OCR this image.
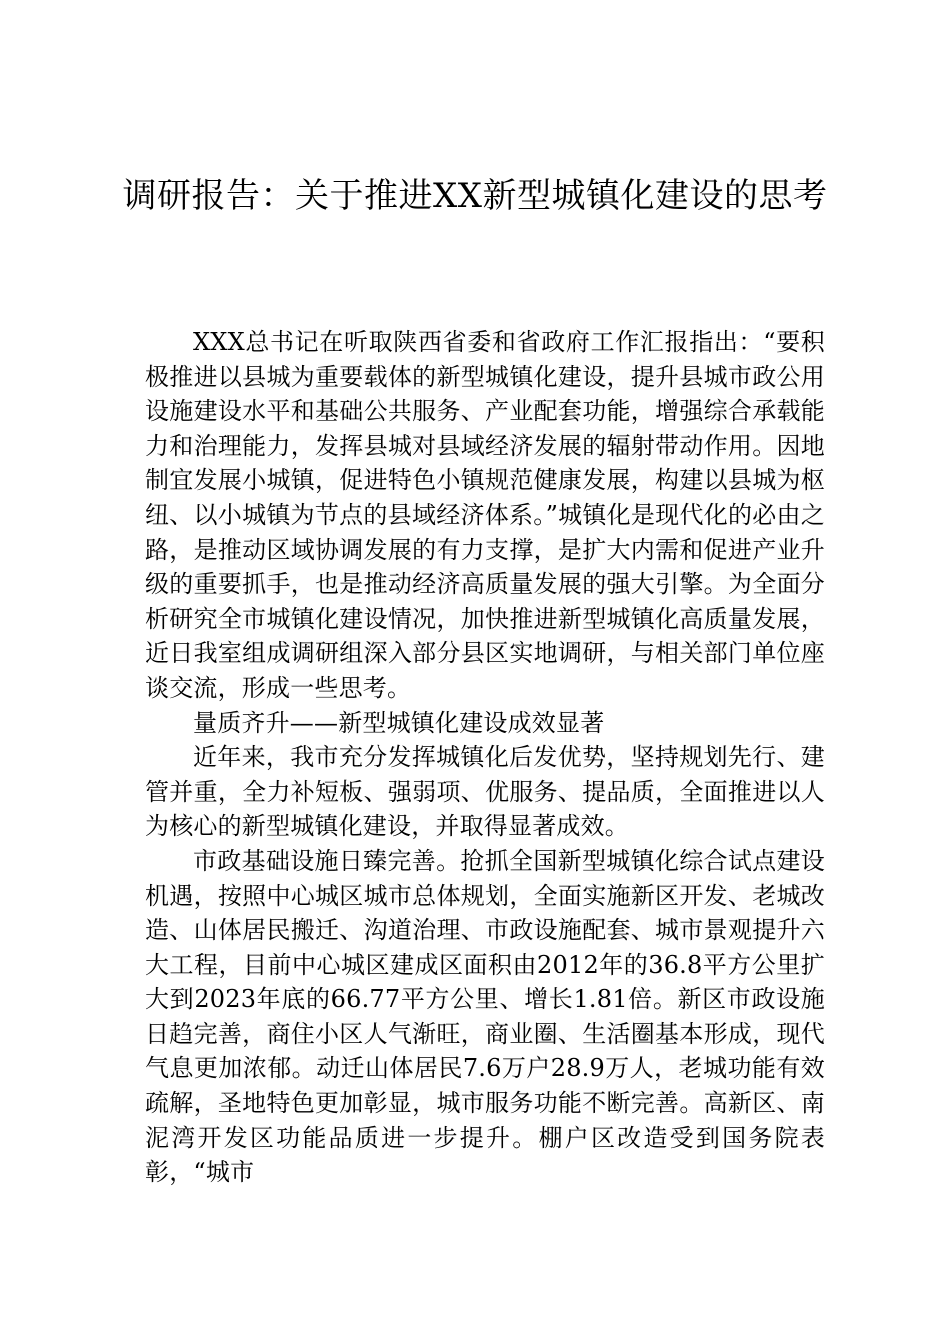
调研报告：关于推进XX新型城镇化建设的思考

XXX总书记在听取陕西省委和省政府工作汇报指出：“要积极推进以县城为重要载体的新型城镇化建设，提升县城市政公用设施建设水平和基础公共服务、产业配套功能，增强综合承载能力和治理能力，发挥县城对县域经济发展的辐射带动作用。因地制宜发展小城镇，促进特色小镇规范健康发展，构建以县城为枢纽、以小城镇为节点的县域经济体系。”城镇化是现代化的必由之路，是推动区域协调发展的有力支撑，是扩大内需和促进产业升级的重要抓手，也是推动经济高质量发展的强大引擎。为全面分析研究全市城镇化建设情况，加快推进新型城镇化高质量发展，近日我室组成调研组深入部分县区实地调研，与相关部门单位座谈交流，形成一些思考。

量质齐升——新型城镇化建设成效显著

近年来，我市充分发挥城镇化后发优势，坚持规划先行、建管并重，全力补短板、强弱项、优服务、提品质，全面推进以人为核心的新型城镇化建设，并取得显著成效。

市政基础设施日臻完善。抢抓全国新型城镇化综合试点建设机遇，按照中心城区城市总体规划，全面实施新区开发、老城改造、山体居民搬迁、沟道治理、市政设施配套、城市景观提升六大工程，目前中心城区建成区面积由2012年的36.8平方公里扩大到2023年底的66.77平方公里、增长1.81倍。新区市政设施日趋完善，商住小区人气渐旺，商业圈、生活圈基本形成，现代气息更加浓郁。动迁山体居民7.6万户28.9万人，老城功能有效疏解，圣地特色更加彰显，城市服务功能不断完善。高新区、南泥湾开发区功能品质进一步提升。棚户区改造受到国务院表彰，“城市
